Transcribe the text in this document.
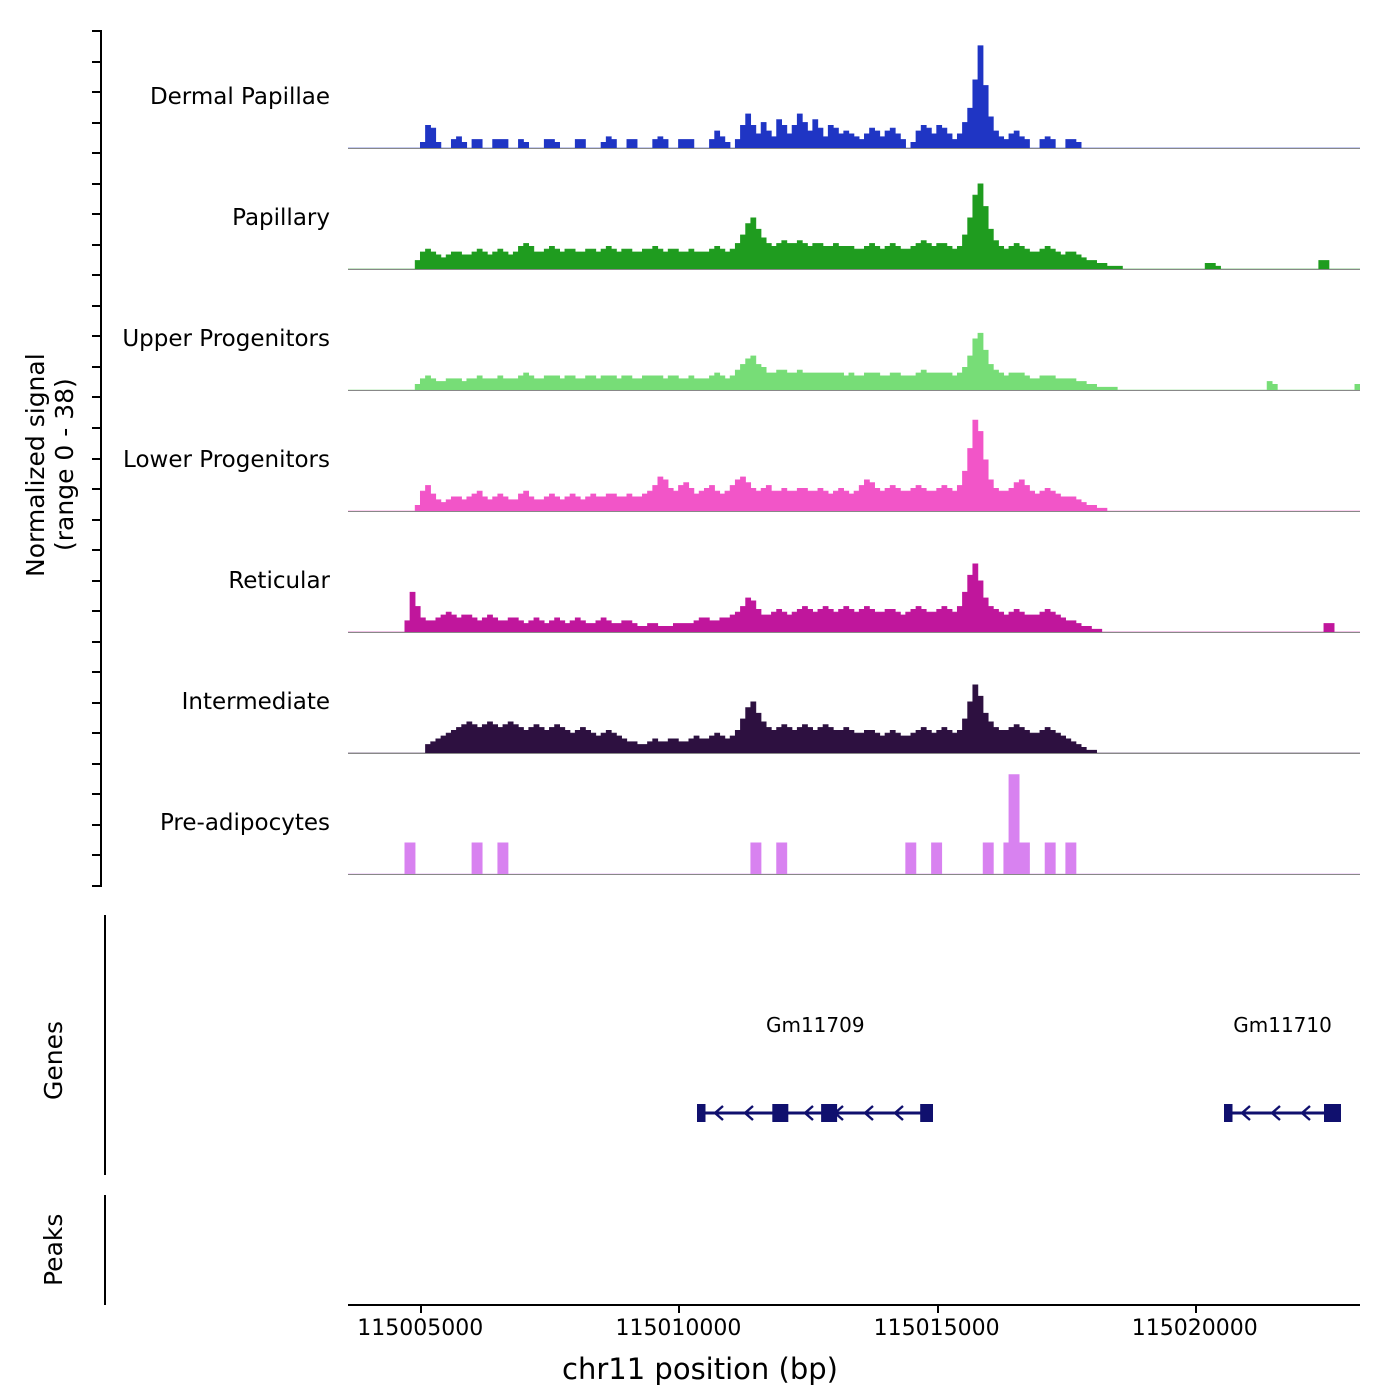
Normalized signal
(range 0 - 38)
Genes
Peaks
Dermal Papillae
Papillary
Upper Progenitors
Lower Progenitors
Reticular
Intermediate
Pre-adipocytes
Gm11709	Gm11710
115005000	115010000	115015000	115020000
chr11 position (bp)
